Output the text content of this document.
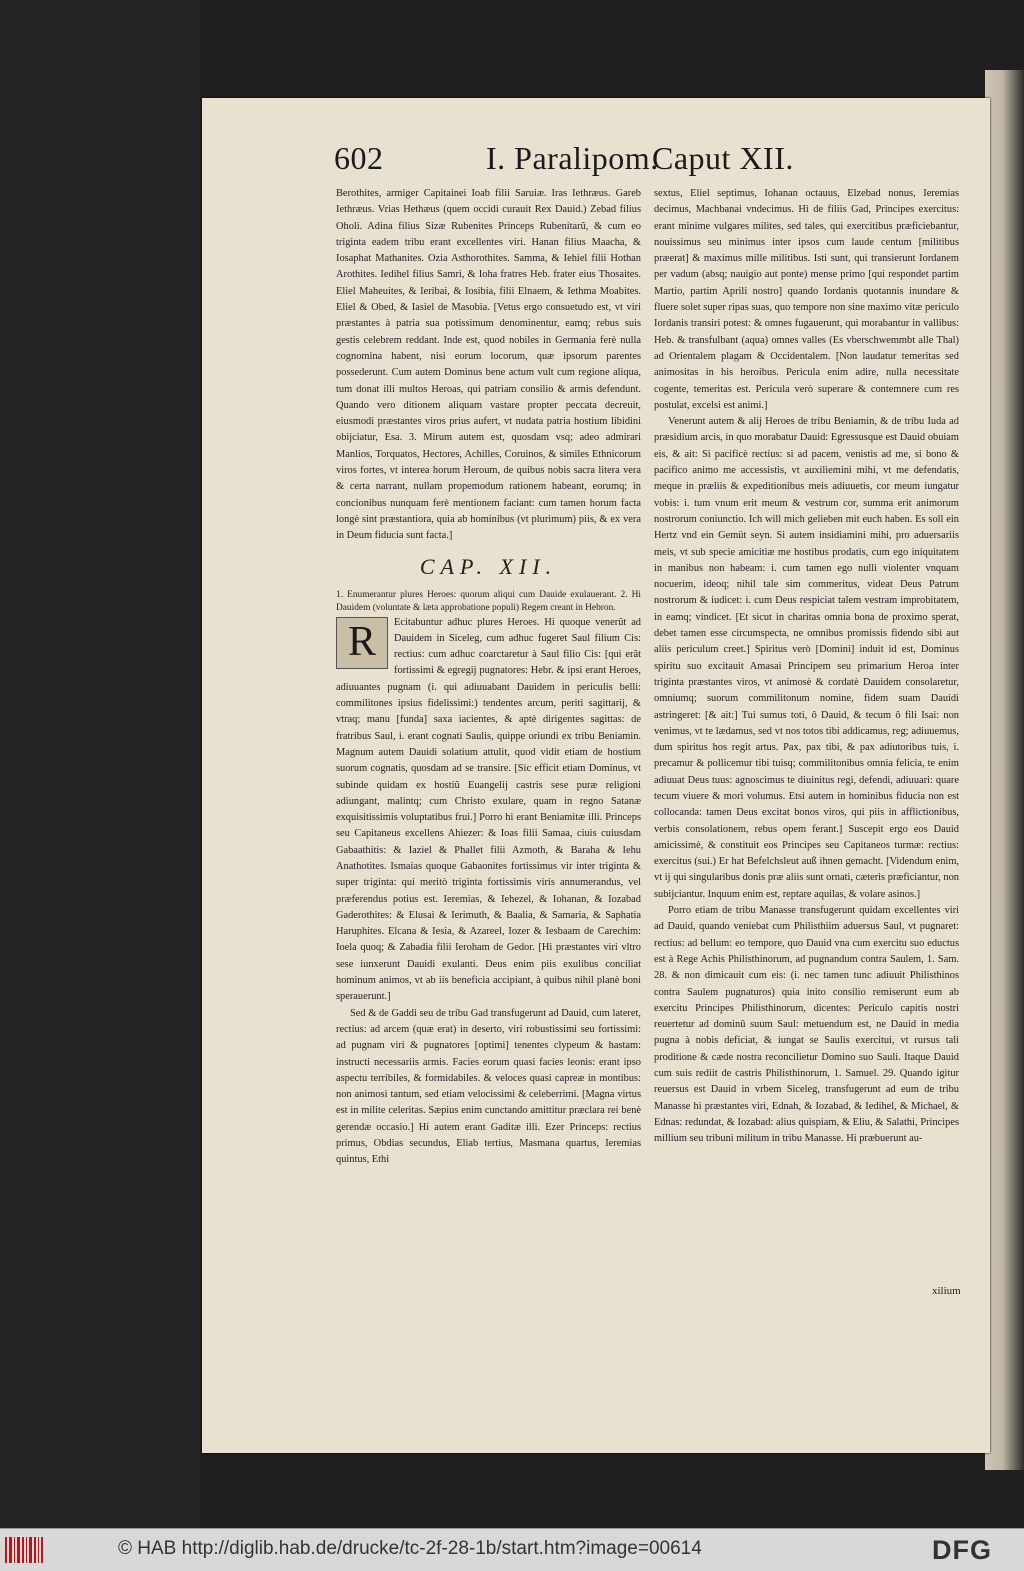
602	I. Paralipom.
Caput XII.

Berothites, armiger Capitainei Ioab filii Saruiæ. Iras Iethræus. Gareb Iethræus. Vrias Hethæus (quem occidi curauit Rex Dauid.) Zebad filius Oholi. Adina filius Sizæ Rubenites Princeps Rubenitarũ, & cum eo triginta eadem tribu erant excellentes viri. Hanan filius Maacha, & Iosaphat Mathanites. Ozia Asthorothites. Samma, & Iehiel filii Hothan Arothites. Iedihel filius Samri, & Ioha fratres Heb. frater eius Thosaites. Eliel Maheuites, & Ieribai, & Iosibia, filii Elnaem, & Iethma Moabites. Eliel & Obed, & Iasiel de Masobia. [Vetus ergo consuetudo est, vt viri præstantes à patria sua potissimum denominentur, eamq; rebus suis gestis celebrem reddant. Inde est, quod nobiles in Germania ferè nulla cognomina habent, nisi eorum locorum, quæ ipsorum parentes possederunt. Cum autem Dominus bene actum vult cum regione aliqua, tum donat illi multos Heroas, qui patriam consilio & armis defendunt. Quando vero ditionem aliquam vastare propter peccata decreuit, eiusmodi præstantes viros prius aufert, vt nudata patria hostium libidini obijciatur, Esa. 3. Mirum autem est, quosdam vsq; adeo admirari Manlios, Torquatos, Hectores, Achilles, Coruinos, & similes Ethnicorum viros fortes, vt interea horum Heroum, de quibus nobis sacra litera vera & certa narrant, nullam propemodum rationem habeant, eorumq; in concionibus nunquam ferè mentionem faciant: cum tamen horum facta longè sint præstantiora, quia ab hominibus (vt plurimum) piis, & ex vera in Deum fiducia sunt facta.]

CAP. XII.

1. Enumerantur plures Heroes: quorum aliqui cum Dauide exulauerant. 2. Hi Dauidem (voluntate & læta approbatione populi) Regem creant in Hebron.

R	Ecitabuntur adhuc plures Heroes. Hi quoque venerũt ad Dauidem in Siceleg, cum adhuc fugeret Saul filium Cis: rectius: cum adhuc coarctaretur à Saul filio Cis: [qui erãt fortissimi & egregij pugnatores: Hebr. & ipsi erant Heroes, adiuuantes pugnam (i. qui adiuuabant Dauidem in periculis belli: commilitones ipsius fidelissimi:) tendentes arcum, periti sagittarij, & vtraq; manu [funda] saxa iacientes, & aptè dirigentes sagittas: de fratribus Saul, i. erant cognati Saulis, quippe oriundi ex tribu Beniamin. Magnum autem Dauidi solatium attulit, quod vidit etiam de hostium suorum cognatis, quosdam ad se transire. [Sic efficit etiam Dominus, vt subinde quidam ex hostiũ Euangelij castris sese puræ religioni adiungant, malintq; cum Christo exulare, quam in regno Satanæ exquisitissimis voluptatibus frui.] Porro hi erant Beniamitæ illi. Princeps seu Capitaneus excellens Ahiezer: & Ioas filii Samaa, ciuis cuiusdam Gabaathitis: & Iaziel & Phallet filii Azmoth, & Baraha & Iehu Anathotites. Ismaias quoque Gabaonites fortissimus vir inter triginta & super triginta: qui meritò triginta fortissimis viris annumerandus, vel præferendus potius est. Ieremias, & Iehezel, & Iohanan, & Iozabad Gaderothites: & Elusai & Ierimuth, & Baalia, & Samaria, & Saphatia Haruphites. Elcana & Iesia, & Azareel, Iozer & Iesbaam de Carechim: Ioela quoq; & Zabadia filii Ieroham de Gedor. [Hi præstantes viri vltro sese iunxerunt Dauidi exulanti. Deus enim piis exulibus conciliat hominum animos, vt ab iis beneficia accipiant, à quibus nihil planè boni sperauerunt.]

Sed & de Gaddi seu de tribu Gad transfugerunt ad Dauid, cum lateret, rectius: ad arcem (quæ erat) in deserto, viri robustissimi seu fortissimi: ad pugnam viri & pugnatores [optimi] tenentes clypeum & hastam: instructi necessariis armis. Facies eorum quasi facies leonis: erant ipso aspectu terribiles, & formidabiles. & veloces quasi capreæ in montibus: non animosi tantum, sed etiam velocissimi & celeberrimi. [Magna virtus est in milite celeritas. Sæpius enim cunctando amittitur præclara rei benè gerendæ occasio.] Hi autem erant Gaditæ illi. Ezer Princeps: rectius primus, Obdias secundus, Eliab tertius, Masmana quartus, Ieremias quintus, Ethi

sextus, Eliel septimus, Iohanan octauus, Elzebad nonus, Ieremias decimus, Machbanai vndecimus. Hi de filiis Gad, Principes exercitus: erant minime vulgares milites, sed tales, qui exercitibus præficiebantur, nouissimus seu minimus inter ipsos cum laude centum [militibus præerat] & maximus mille militibus. Isti sunt, qui transierunt Iordanem per vadum (absq; nauigio aut ponte) mense primo [qui respondet partim Martio, partim Aprili nostro] quando Iordanis quotannis inundare & fluere solet super ripas suas, quo tempore non sine maximo vitæ periculo Iordanis transiri potest: & omnes fugauerunt, qui morabantur in vallibus: Heb. & transfulbant (aqua) omnes valles (Es vberschwemmbt alle Thal) ad Orientalem plagam & Occidentalem. [Non laudatur temeritas sed animositas in his heroibus. Pericula enim adire, nulla necessitate cogente, temeritas est. Pericula verò superare & contemnere cum res postulat, excelsi est animi.]

Venerunt autem & alij Heroes de tribu Beniamin, & de tribu Iuda ad præsidium arcis, in quo morabatur Dauid: Egressusque est Dauid obuiam eis, & ait: Si pacificè rectius: si ad pacem, venistis ad me, si bono & pacifico animo me accessistis, vt auxiliemini mihi, vt me defendatis, meque in præliis & expeditionibus meis adiuuetis, cor meum iungatur vobis: i. tum vnum erit meum & vestrum cor, summa erit animorum nostrorum coniunctio. Ich will mich gelieben mit euch haben. Es soll ein Hertz vnd ein Gemüt seyn. Si autem insidiamini mihi, pro aduersariis meis, vt sub specie amicitiæ me hostibus prodatis, cum ego iniquitatem in manibus non habeam: i. cum tamen ego nulli violenter vnquam nocuerim, ideoq; nihil tale sim commeritus, videat Deus Patrum nostrorum & iudicet: i. cum Deus respiciat talem vestram improbitatem, in eamq; vindicet. [Et sicut in charitas omnia bona de proximo sperat, debet tamen esse circumspecta, ne omnibus promissis fidendo sibi aut aliis periculum creet.] Spiritus verò [Domini] induit id est, Dominus spiritu suo excitauit Amasai Principem seu primarium Heroa inter triginta præstantes viros, vt animosè & cordatè Dauidem consolaretur, omniumq; suorum commilitonum nomine, fidem suam Dauidi astringeret: [& ait:] Tui sumus toti, ô Dauid, & tecum ô fili Isai: non venimus, vt te lædamus, sed vt nos totos tibi addicamus, reg; adiuuemus, dum spiritus hos regit artus. Pax, pax tibi, & pax adiutoribus tuis, i. precamur & pollicemur tibi tuisq; commilitonibus omnia felicia, te enim adiuuat Deus tuus: agnoscimus te diuinitus regi, defendi, adiuuari: quare tecum viuere & mori volumus. Etsi autem in hominibus fiducia non est collocanda: tamen Deus excitat bonos viros, qui piis in afflictionibus, verbis consolationem, rebus opem ferant.] Suscepit ergo eos Dauid amicissimè, & constituit eos Principes seu Capitaneos turmæ: rectius: exercitus (sui.) Er hat Befelchsleut auß ihnen gemacht. [Videndum enim, vt ij qui singularibus donis præ aliis sunt ornati, cæteris præficiantur, non subijciantur. Inquum enim est, reptare aquilas, & volare asinos.]

Porro etiam de tribu Manasse transfugerunt quidam excellentes viri ad Dauid, quando veniebat cum Philisthiim aduersus Saul, vt pugnaret: rectius: ad bellum: eo tempore, quo Dauid vna cum exercitu suo eductus est à Rege Achis Philisthinorum, ad pugnandum contra Saulem, 1. Sam. 28. & non dimicauit cum eis: (i. nec tamen tunc adiuuit Philisthinos contra Saulem pugnaturos) quia inito consilio remiserunt eum ab exercitu Principes Philisthinorum, dicentes: Periculo capitis nostri reuertetur ad dominũ suum Saul: metuendum est, ne Dauid in media pugna à nobis deficiat, & iungat se Saulis exercitui, vt rursus tali proditione & cæde nostra reconcilietur Domino suo Sauli. Itaque Dauid cum suis rediit de castris Philisthinorum, 1. Samuel. 29. Quando igitur reuersus est Dauid in vrbem Siceleg, transfugerunt ad eum de tribu Manasse hi præstantes viri, Ednah, & Iozabad, & Iedihel, & Michael, & Ednas: redundat, & Iozabad: alius quispiam, & Eliu, & Salathi, Principes millium seu tribuni militum in tribu Manasse. Hi præbuerunt au-

xilium
© HAB http://diglib.hab.de/drucke/tc-2f-28-1b/start.htm?image=00614	DFG
